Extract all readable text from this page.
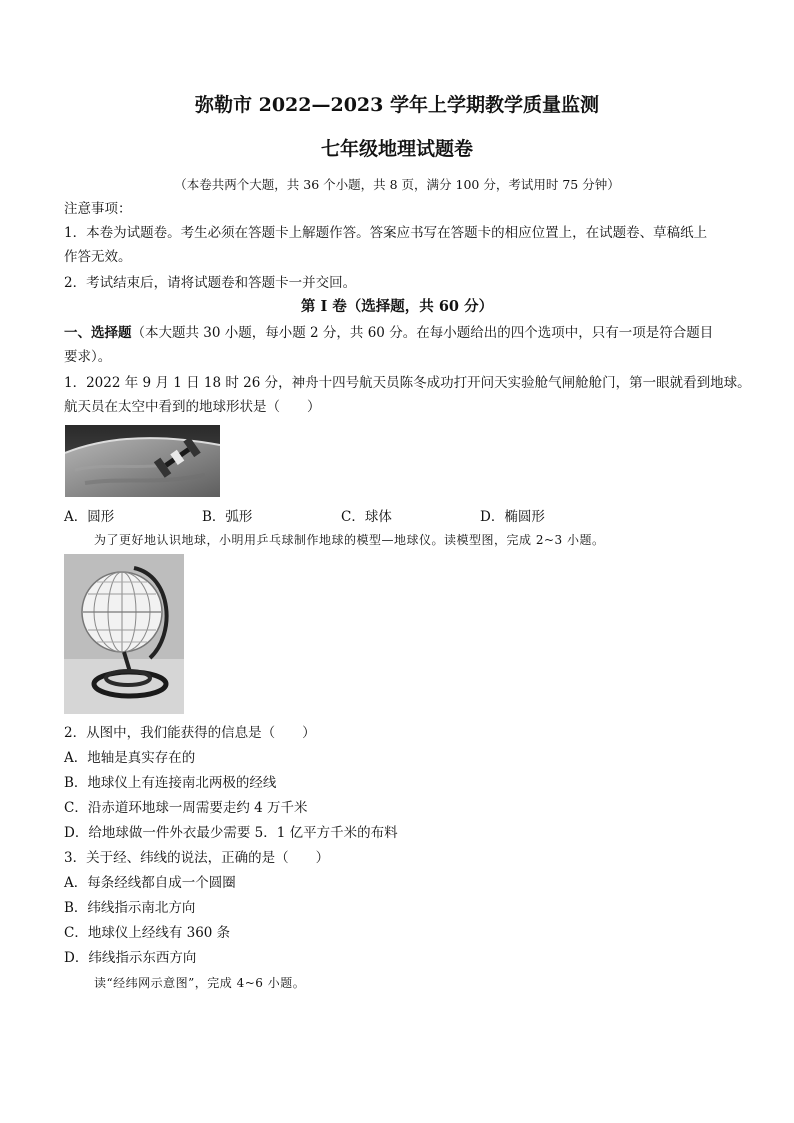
弥勒市 2022—2023 学年上学期教学质量监测
七年级地理试题卷
（本卷共两个大题，共 36 个小题，共 8 页，满分 100 分，考试用时 75 分钟）
注意事项：
1．本卷为试题卷。考生必须在答题卡上解题作答。答案应书写在答题卡的相应位置上，在试题卷、草稿纸上
作答无效。
2．考试结束后，请将试题卷和答题卡一并交回。
第 I 卷（选择题，共 60 分）
一、选择题（本大题共 30 小题，每小题 2 分，共 60 分。在每小题给出的四个选项中，只有一项是符合题目
要求）。
1．2022 年 9 月 1 日 18 时 26 分，神舟十四号航天员陈冬成功打开问天实验舱气闸舱舱门，第一眼就看到地球。
航天员在太空中看到的地球形状是（　　）
A．圆形	B．弧形	C．球体	D．椭圆形
为了更好地认识地球，小明用乒乓球制作地球的模型—地球仪。读模型图，完成 2~3 小题。
2．从图中，我们能获得的信息是（　　）
A．地轴是真实存在的
B．地球仪上有连接南北两极的经线
C．沿赤道环地球一周需要走约 4 万千米
D．给地球做一件外衣最少需要 5．1 亿平方千米的布料
3．关于经、纬线的说法，正确的是（　　）
A．每条经线都自成一个圆圈
B．纬线指示南北方向
C．地球仪上经线有 360 条
D．纬线指示东西方向
读“经纬网示意图”，完成 4~6 小题。
